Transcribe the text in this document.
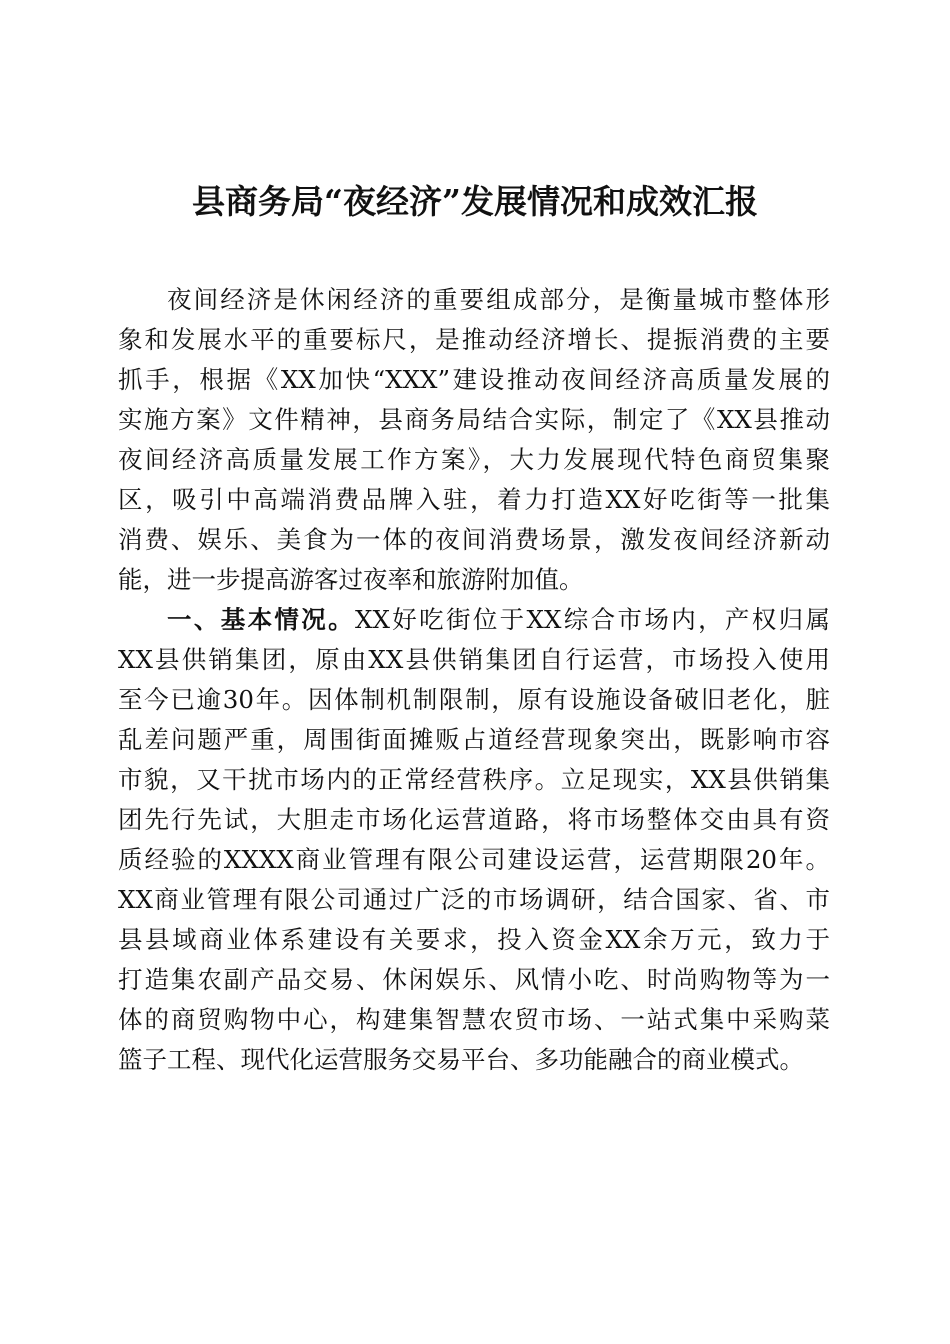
县商务局“夜经济”发展情况和成效汇报
夜间经济是休闲经济的重要组成部分，是衡量城市整体形
象和发展水平的重要标尺，是推动经济增长、提振消费的主要
抓手，根据《XX加快“XXX”建设推动夜间经济高质量发展的
实施方案》文件精神，县商务局结合实际，制定了《XX县推动
夜间经济高质量发展工作方案》，大力发展现代特色商贸集聚
区，吸引中高端消费品牌入驻，着力打造XX好吃街等一批集
消费、娱乐、美食为一体的夜间消费场景，激发夜间经济新动
能，进一步提高游客过夜率和旅游附加值。
一、基本情况。XX好吃街位于XX综合市场内，产权归属
XX县供销集团，原由XX县供销集团自行运营，市场投入使用
至今已逾30年。因体制机制限制，原有设施设备破旧老化，脏
乱差问题严重，周围街面摊贩占道经营现象突出，既影响市容
市貌，又干扰市场内的正常经营秩序。立足现实，XX县供销集
团先行先试，大胆走市场化运营道路，将市场整体交由具有资
质经验的XXXX商业管理有限公司建设运营，运营期限20年。
XX商业管理有限公司通过广泛的市场调研，结合国家、省、市
县县域商业体系建设有关要求，投入资金XX余万元，致力于
打造集农副产品交易、休闲娱乐、风情小吃、时尚购物等为一
体的商贸购物中心，构建集智慧农贸市场、一站式集中采购菜
篮子工程、现代化运营服务交易平台、多功能融合的商业模式。
